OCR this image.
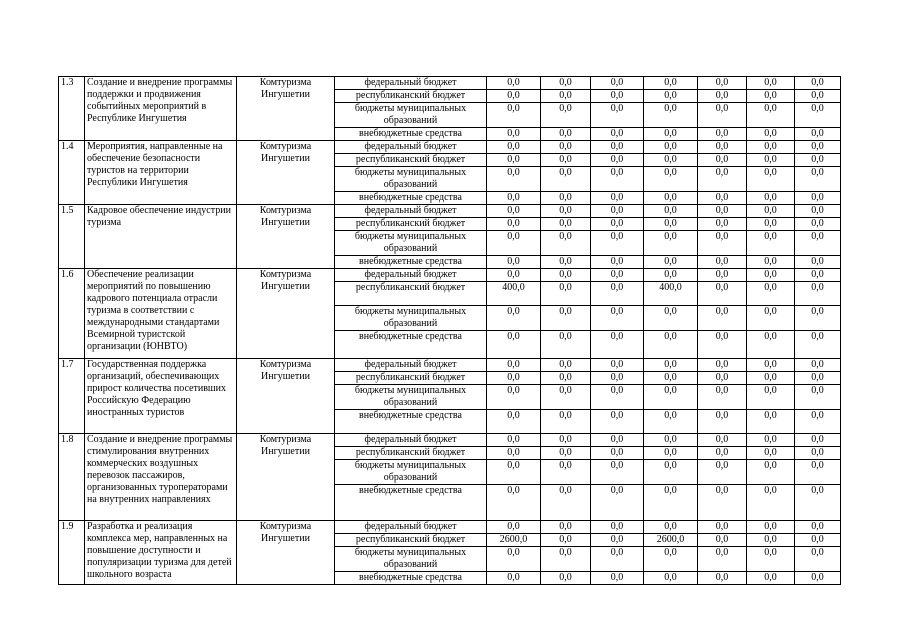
1.3	Создание и внедрение программы поддержки и продвижения событийных мероприятий в Республике Ингушетия	Комтуризма Ингушетии	федеральный бюджет	0,0	0,0	0,0	0,0	0,0	0,0	0,0
			республиканский бюджет	0,0	0,0	0,0	0,0	0,0	0,0	0,0
			бюджеты муниципальных образований	0,0	0,0	0,0	0,0	0,0	0,0	0,0
			внебюджетные средства	0,0	0,0	0,0	0,0	0,0	0,0	0,0
1.4	Мероприятия, направленные на обеспечение безопасности туристов на территории Республики Ингушетия	Комтуризма Ингушетии	федеральный бюджет	0,0	0,0	0,0	0,0	0,0	0,0	0,0
			республиканский бюджет	0,0	0,0	0,0	0,0	0,0	0,0	0,0
			бюджеты муниципальных образований	0,0	0,0	0,0	0,0	0,0	0,0	0,0
			внебюджетные средства	0,0	0,0	0,0	0,0	0,0	0,0	0,0
1.5	Кадровое обеспечение индустрии туризма	Комтуризма Ингушетии	федеральный бюджет	0,0	0,0	0,0	0,0	0,0	0,0	0,0
			республиканский бюджет	0,0	0,0	0,0	0,0	0,0	0,0	0,0
			бюджеты муниципальных образований	0,0	0,0	0,0	0,0	0,0	0,0	0,0
			внебюджетные средства	0,0	0,0	0,0	0,0	0,0	0,0	0,0
1.6	Обеспечение реализации мероприятий по повышению кадрового потенциала отрасли туризма в соответствии с международными стандартами Всемирной туристской организации (ЮНВТО)	Комтуризма Ингушетии	федеральный бюджет	0,0	0,0	0,0	0,0	0,0	0,0	0,0
			республиканский бюджет	400,0	0,0	0,0	400,0	0,0	0,0	0,0
			бюджеты муниципальных образований	0,0	0,0	0,0	0,0	0,0	0,0	0,0
			внебюджетные средства	0,0	0,0	0,0	0,0	0,0	0,0	0,0
1.7	Государственная поддержка организаций, обеспечивающих прирост количества посетивших Российскую Федерацию иностранных туристов	Комтуризма Ингушетии	федеральный бюджет	0,0	0,0	0,0	0,0	0,0	0,0	0,0
			республиканский бюджет	0,0	0,0	0,0	0,0	0,0	0,0	0,0
			бюджеты муниципальных образований	0,0	0,0	0,0	0,0	0,0	0,0	0,0
			внебюджетные средства	0,0	0,0	0,0	0,0	0,0	0,0	0,0
1.8	Создание и внедрение программы стимулирования внутренних коммерческих воздушных перевозок пассажиров, организованных туроператорами на внутренних направлениях	Комтуризма Ингушетии	федеральный бюджет	0,0	0,0	0,0	0,0	0,0	0,0	0,0
			республиканский бюджет	0,0	0,0	0,0	0,0	0,0	0,0	0,0
			бюджеты муниципальных образований	0,0	0,0	0,0	0,0	0,0	0,0	0,0
			внебюджетные средства	0,0	0,0	0,0	0,0	0,0	0,0	0,0
1.9	Разработка и реализация комплекса мер, направленных на повышение доступности и популяризации туризма для детей школьного возраста	Комтуризма Ингушетии	федеральный бюджет	0,0	0,0	0,0	0,0	0,0	0,0	0,0
			республиканский бюджет	2600,0	0,0	0,0	2600,0	0,0	0,0	0,0
			бюджеты муниципальных образований	0,0	0,0	0,0	0,0	0,0	0,0	0,0
			внебюджетные средства	0,0	0,0	0,0	0,0	0,0	0,0	0,0
